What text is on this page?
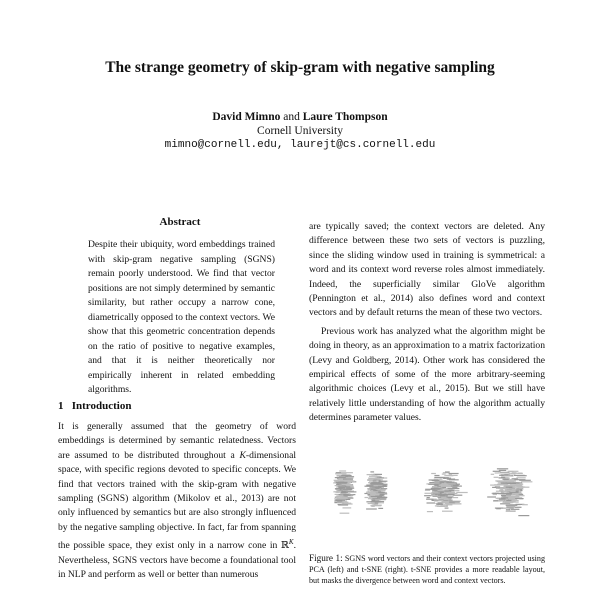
The strange geometry of skip-gram with negative sampling
David Mimno and Laure Thompson
Cornell University
mimno@cornell.edu, laurejt@cs.cornell.edu
Abstract
Despite their ubiquity, word embeddings trained with skip-gram negative sampling (SGNS) remain poorly understood. We find that vector positions are not simply determined by semantic similarity, but rather occupy a narrow cone, diametrically opposed to the context vectors. We show that this geometric concentration depends on the ratio of positive to negative examples, and that it is neither theoretically nor empirically inherent in related embedding algorithms.
1   Introduction

It is generally assumed that the geometry of word embeddings is determined by semantic relatedness. Vectors are assumed to be distributed throughout a K-dimensional space, with specific regions devoted to specific concepts. We find that vectors trained with the skip-gram with negative sampling (SGNS) algorithm (Mikolov et al., 2013) are not only influenced by semantics but are also strongly influenced by the negative sampling objective. In fact, far from spanning the possible space, they exist only in a narrow cone in ℝ$^K$. Nevertheless, SGNS vectors have become a foundational tool in NLP and perform as well or better than numerous

are typically saved; the context vectors are deleted. Any difference between these two sets of vectors is puzzling, since the sliding window used in training is symmetrical: a word and its context word reverse roles almost immediately. Indeed, the superficially similar GloVe algorithm (Pennington et al., 2014) also defines word and context vectors and by default returns the mean of these two vectors.

Previous work has analyzed what the algorithm might be doing in theory, as an approximation to a matrix factorization (Levy and Goldberg, 2014). Other work has considered the empirical effects of some of the more arbitrary-seeming algorithmic choices (Levy et al., 2015). But we still have relatively little understanding of how the algorithm actually determines parameter values.

Figure 1: SGNS word vectors and their context vectors projected using PCA (left) and t-SNE (right). t-SNE provides a more readable layout, but masks the divergence between word and context vectors.
